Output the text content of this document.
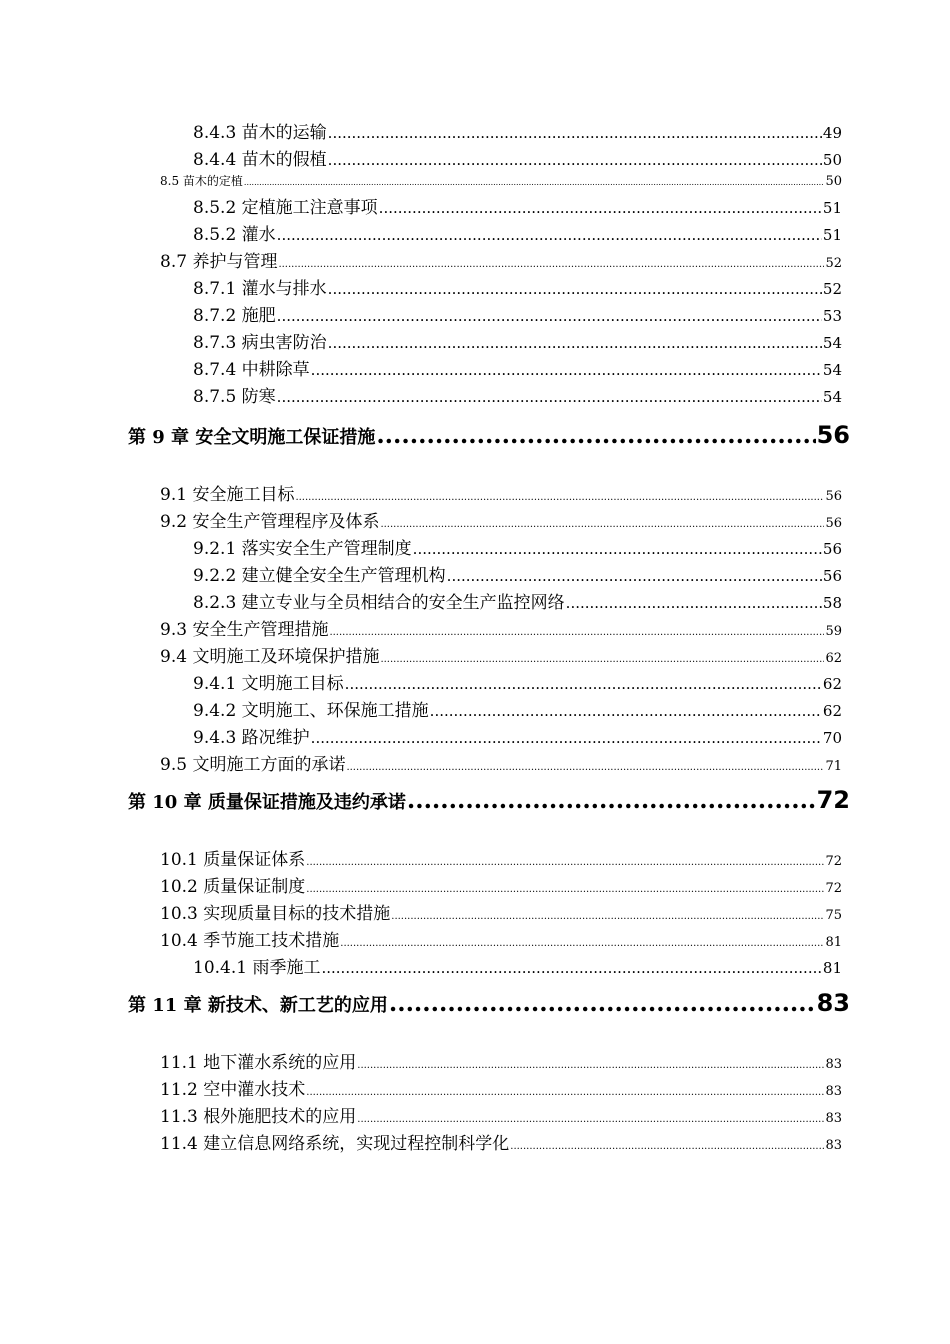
8.4.3 苗木的运输 .....	49
8.4.4 苗木的假植 .....	50
8.5 苗木的定植 .....	50
8.5.2 定植施工注意事项 .....	51
8.5.2 灌水 .....	51
8.7 养护与管理 .....	52
8.7.1 灌水与排水 .....	52
8.7.2 施肥 .....	53
8.7.3 病虫害防治 .....	54
8.7.4 中耕除草 .....	54
8.7.5 防寒 .....	54
第 9 章 安全文明施工保证措施 .....	56
9.1 安全施工目标 .....	56
9.2 安全生产管理程序及体系 .....	56
9.2.1 落实安全生产管理制度 .....	56
9.2.2 建立健全安全生产管理机构 .....	56
8.2.3 建立专业与全员相结合的安全生产监控网络 .....	58
9.3 安全生产管理措施 .....	59
9.4 文明施工及环境保护措施 .....	62
9.4.1 文明施工目标 .....	62
9.4.2 文明施工、环保施工措施 .....	62
9.4.3 路况维护 .....	70
9.5 文明施工方面的承诺 .....	71
第 10 章 质量保证措施及违约承诺 .....	72
10.1 质量保证体系 .....	72
10.2 质量保证制度 .....	72
10.3 实现质量目标的技术措施 .....	75
10.4 季节施工技术措施 .....	81
10.4.1 雨季施工 .....	81
第 11 章 新技术、新工艺的应用 .....	83
11.1 地下灌水系统的应用 .....	83
11.2 空中灌水技术 .....	83
11.3 根外施肥技术的应用 .....	83
11.4 建立信息网络系统，实现过程控制科学化 .....	83
